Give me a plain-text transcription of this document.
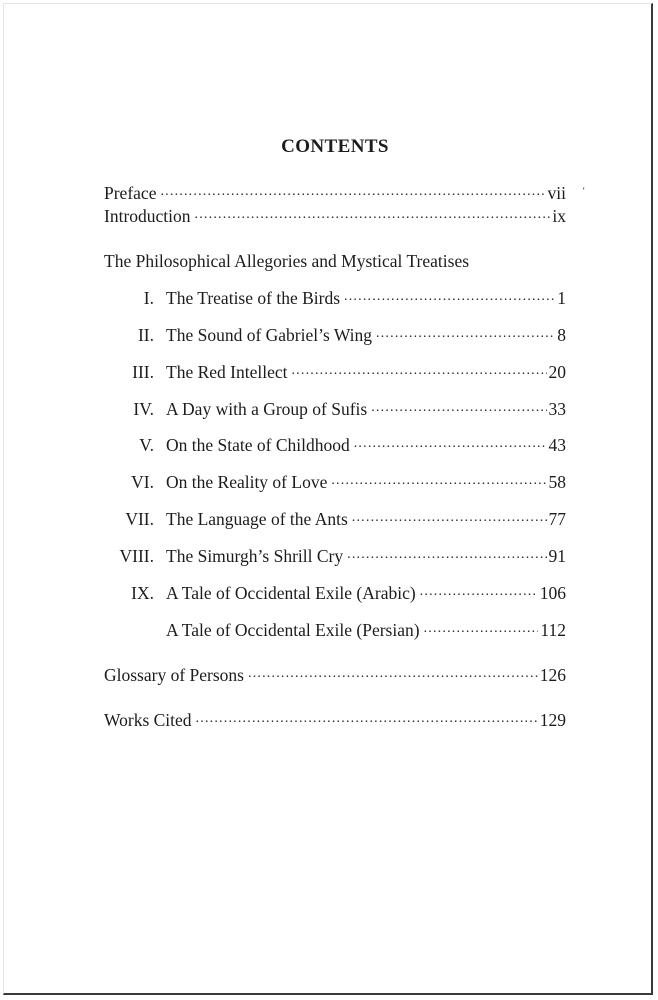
CONTENTS
Preface .....	vii ‘
Introduction .....	ix
The Philosophical Allegories and Mystical Treatises
I. The Treatise of the Birds .....	1
II. The Sound of Gabriel’s Wing .....	8
III. The Red Intellect .....	20
IV. A Day with a Group of Sufis .....	33
V. On the State of Childhood .....	43
VI. On the Reality of Love .....	58
VII. The Language of the Ants .....	77
VIII. The Simurgh’s Shrill Cry .....	91
IX. A Tale of Occidental Exile (Arabic) .....	106
A Tale of Occidental Exile (Persian) .....	112
Glossary of Persons .....	126
Works Cited .....	129
